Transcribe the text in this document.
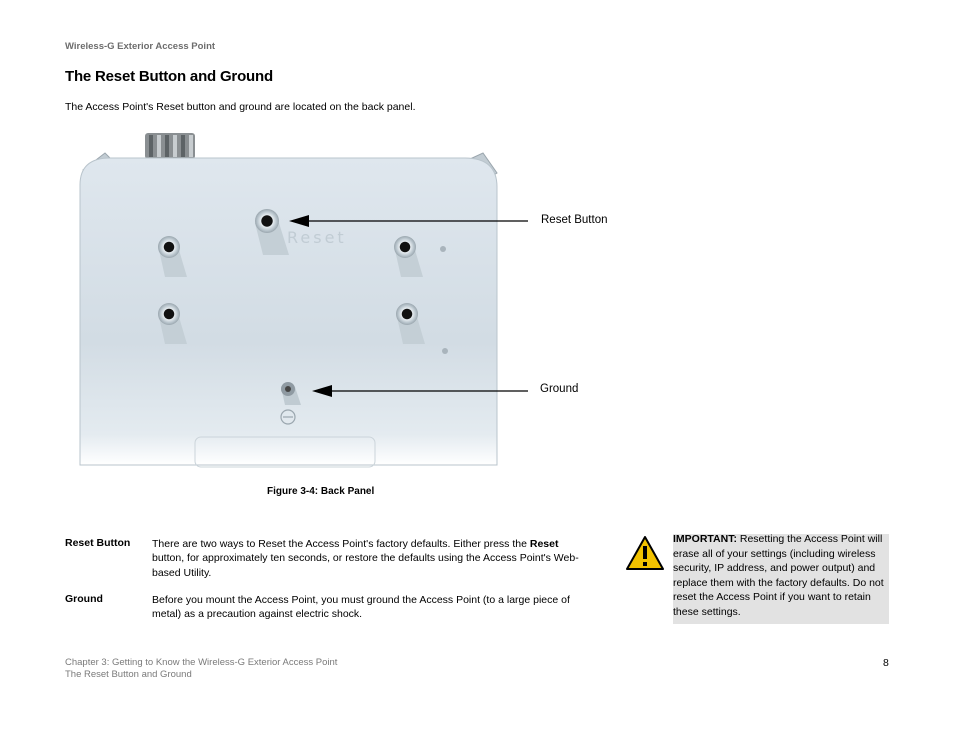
Wireless-G Exterior Access Point
The Reset Button and Ground

The Access Point's Reset button and ground are located on the back panel.

Reset
Reset Button
Ground
Figure 3-4: Back Panel
Reset Button There are two ways to Reset the Access Point's factory defaults. Either press the Reset button, for approximately ten seconds, or restore the defaults using the Access Point's Web-based Utility.
Ground	Before you mount the Access Point, you must ground the Access Point (to a large piece of metal) as a precaution against electric shock.
IMPORTANT: Resetting the Access Point will erase all of your settings (including wireless security, IP address, and power output) and replace them with the factory defaults. Do not reset the Access Point if you want to retain these settings.
Chapter 3: Getting to Know the Wireless-G Exterior Access Point
The Reset Button and Ground
8
